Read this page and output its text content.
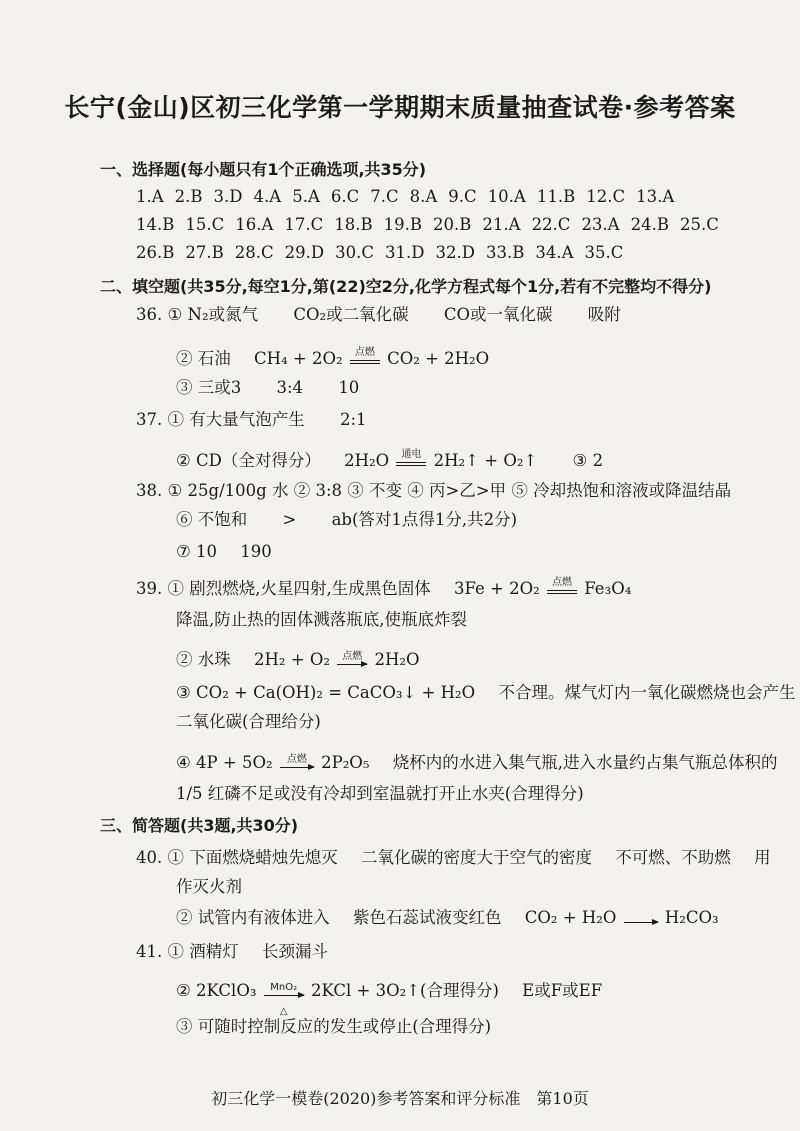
长宁(金山)区初三化学第一学期期末质量抽查试卷·参考答案
一、选择题(每小题只有1个正确选项,共35分)
1.A 2.B 3.D 4.A 5.A 6.C 7.C 8.A 9.C 10.A 11.B 12.C 13.A
14.B 15.C 16.A 17.C 18.B 19.B 20.B 21.A 22.C 23.A 24.B 25.C
26.B 27.B 28.C 29.D 30.C 31.D 32.D 33.B 34.A 35.C
二、填空题(共35分,每空1分,第(22)空2分,化学方程式每个1分,若有不完整均不得分)
36. ① N₂或氮气 CO₂或二氧化碳 CO或一氧化碳 吸附
② 石油 CH₄ + 2O₂	点燃 CO₂ + 2H₂O
③ 三或3 3:4 10
37. ① 有大量气泡产生 2:1
② CD（全对得分） 2H₂O	通电 2H₂↑ + O₂↑ ③ 2
38. ① 25g/100g 水 ② 3:8 ③ 不变 ④ 丙>乙>甲 ⑤ 冷却热饱和溶液或降温结晶
⑥ 不饱和 > ab(答对1点得1分,共2分)
⑦ 10 190
39. ① 剧烈燃烧,火星四射,生成黑色固体 3Fe + 2O₂	点燃 Fe₃O₄
降温,防止热的固体溅落瓶底,使瓶底炸裂
② 水珠 2H₂ + O₂	点燃 2H₂O
③ CO₂ + Ca(OH)₂ = CaCO₃↓ + H₂O 不合理。煤气灯内一氧化碳燃烧也会产生
二氧化碳(合理给分)
④ 4P + 5O₂	点燃 2P₂O₅ 烧杯内的水进入集气瓶,进入水量约占集气瓶总体积的
1/5 红磷不足或没有冷却到室温就打开止水夹(合理得分)
三、简答题(共3题,共30分)
40. ① 下面燃烧蜡烛先熄灭 二氧化碳的密度大于空气的密度 不可燃、不助燃 用
作灭火剂
② 试管内有液体进入 紫色石蕊试液变红色 CO₂ + H₂O	H₂CO₃
41. ① 酒精灯 长颈漏斗
② 2KClO₃	MnO₂
△
2KCl + 3O₂↑(合理得分) E或F或EF
③ 可随时控制反应的发生或停止(合理得分)
初三化学一模卷(2020)参考答案和评分标准　第10页
